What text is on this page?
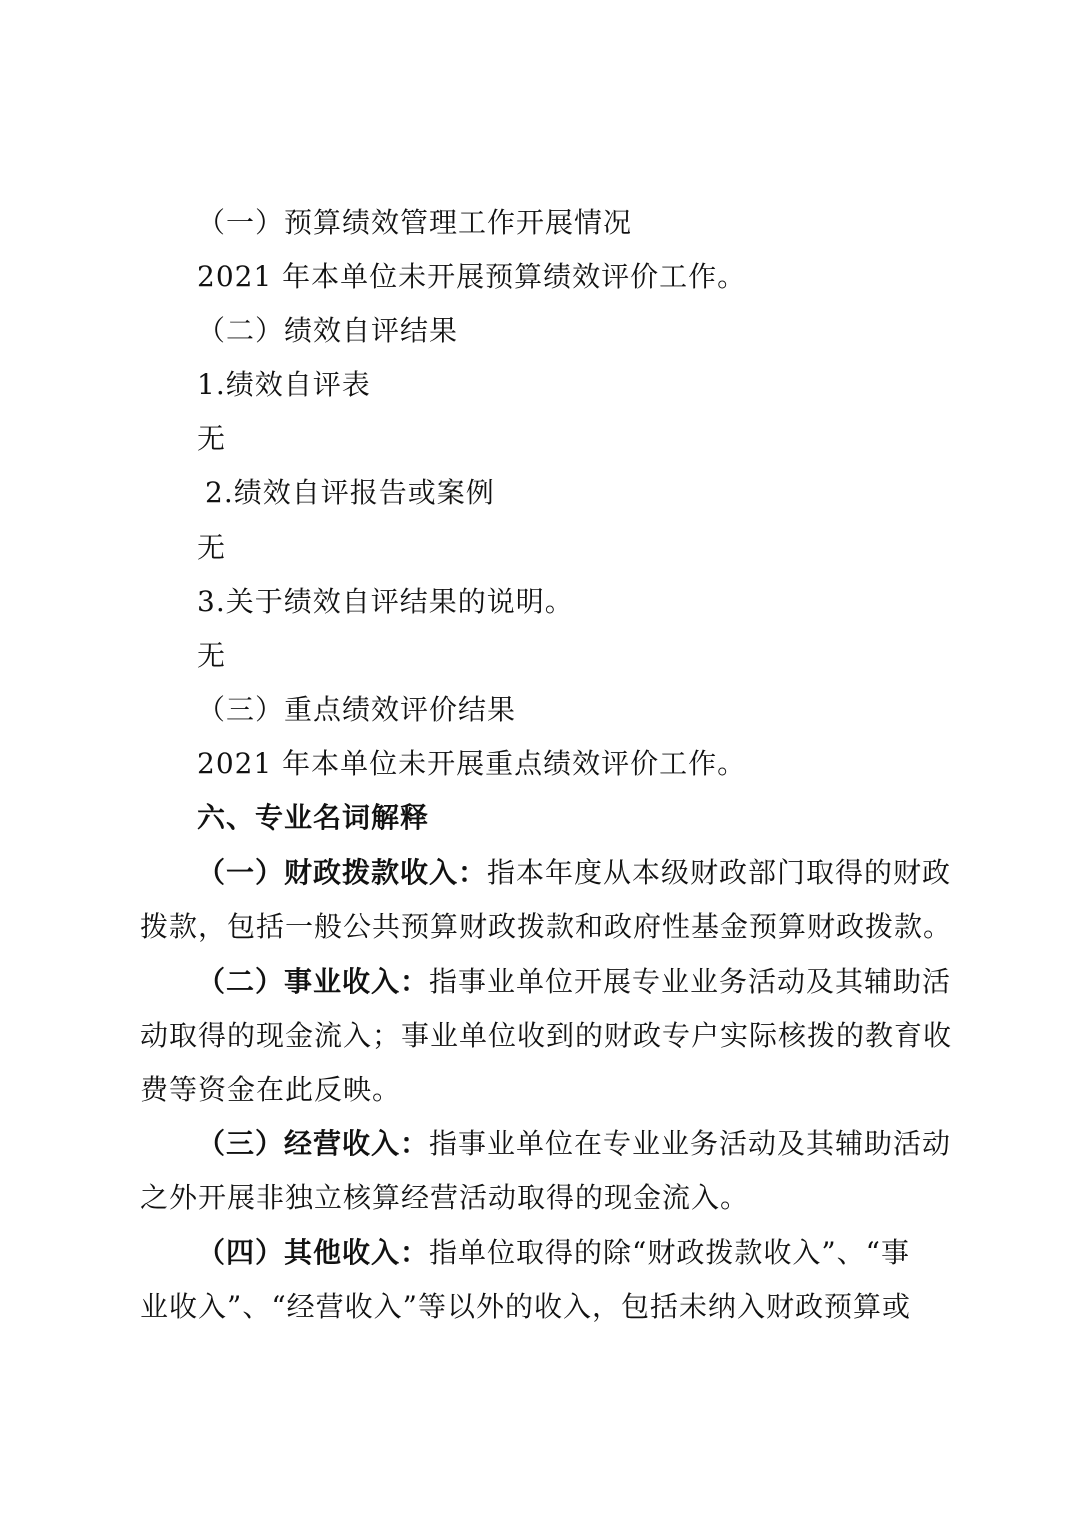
（一）预算绩效管理工作开展情况
2021 年本单位未开展预算绩效评价工作。
（二）绩效自评结果
1.绩效自评表
无
2.绩效自评报告或案例
无
3.关于绩效自评结果的说明。
无
（三）重点绩效评价结果
2021 年本单位未开展重点绩效评价工作。
六、专业名词解释
（一）财政拨款收入：指本年度从本级财政部门取得的财政
拨款，包括一般公共预算财政拨款和政府性基金预算财政拨款。
（二）事业收入：指事业单位开展专业业务活动及其辅助活
动取得的现金流入；事业单位收到的财政专户实际核拨的教育收
费等资金在此反映。
（三）经营收入：指事业单位在专业业务活动及其辅助活动
之外开展非独立核算经营活动取得的现金流入。
（四）其他收入：指单位取得的除“财政拨款收入”、“事
业收入”、“经营收入”等以外的收入，包括未纳入财政预算或
